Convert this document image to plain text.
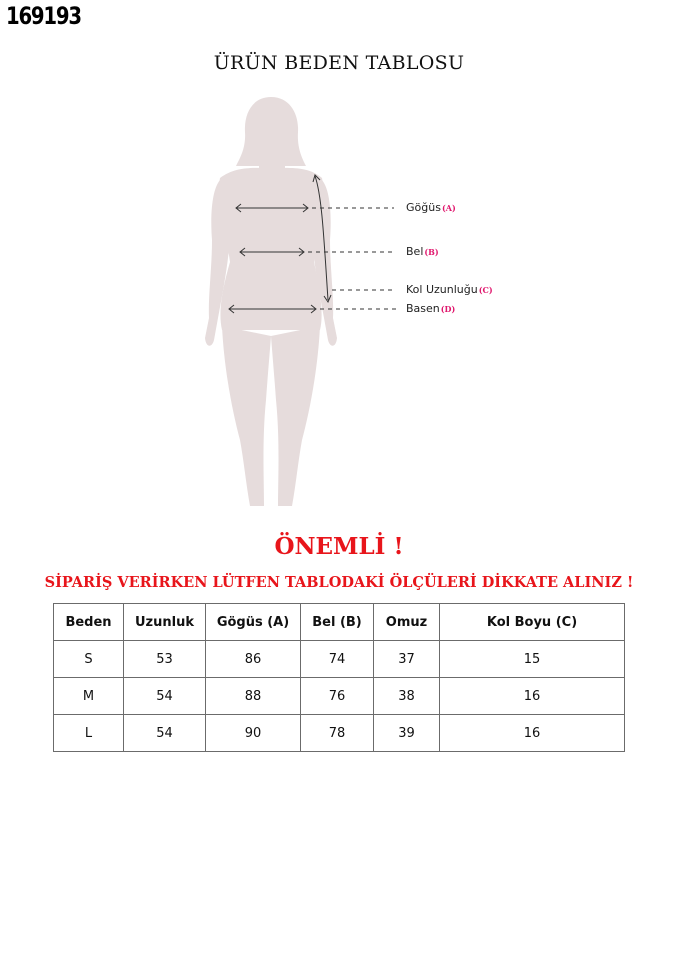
169193
ÜRÜN BEDEN TABLOSU
Göğüs(A)
Bel(B)
Kol Uzunluğu(C)
Basen(D)
ÖNEMLİ !
SİPARİŞ VERİRKEN LÜTFEN TABLODAKİ ÖLÇÜLERİ DİKKATE ALINIZ !
Beden	Uzunluk	Gögüs (A)	Bel (B)	Omuz	Kol Boyu (C)
S	53	86	74	37	15
M	54	88	76	38	16
L	54	90	78	39	16
